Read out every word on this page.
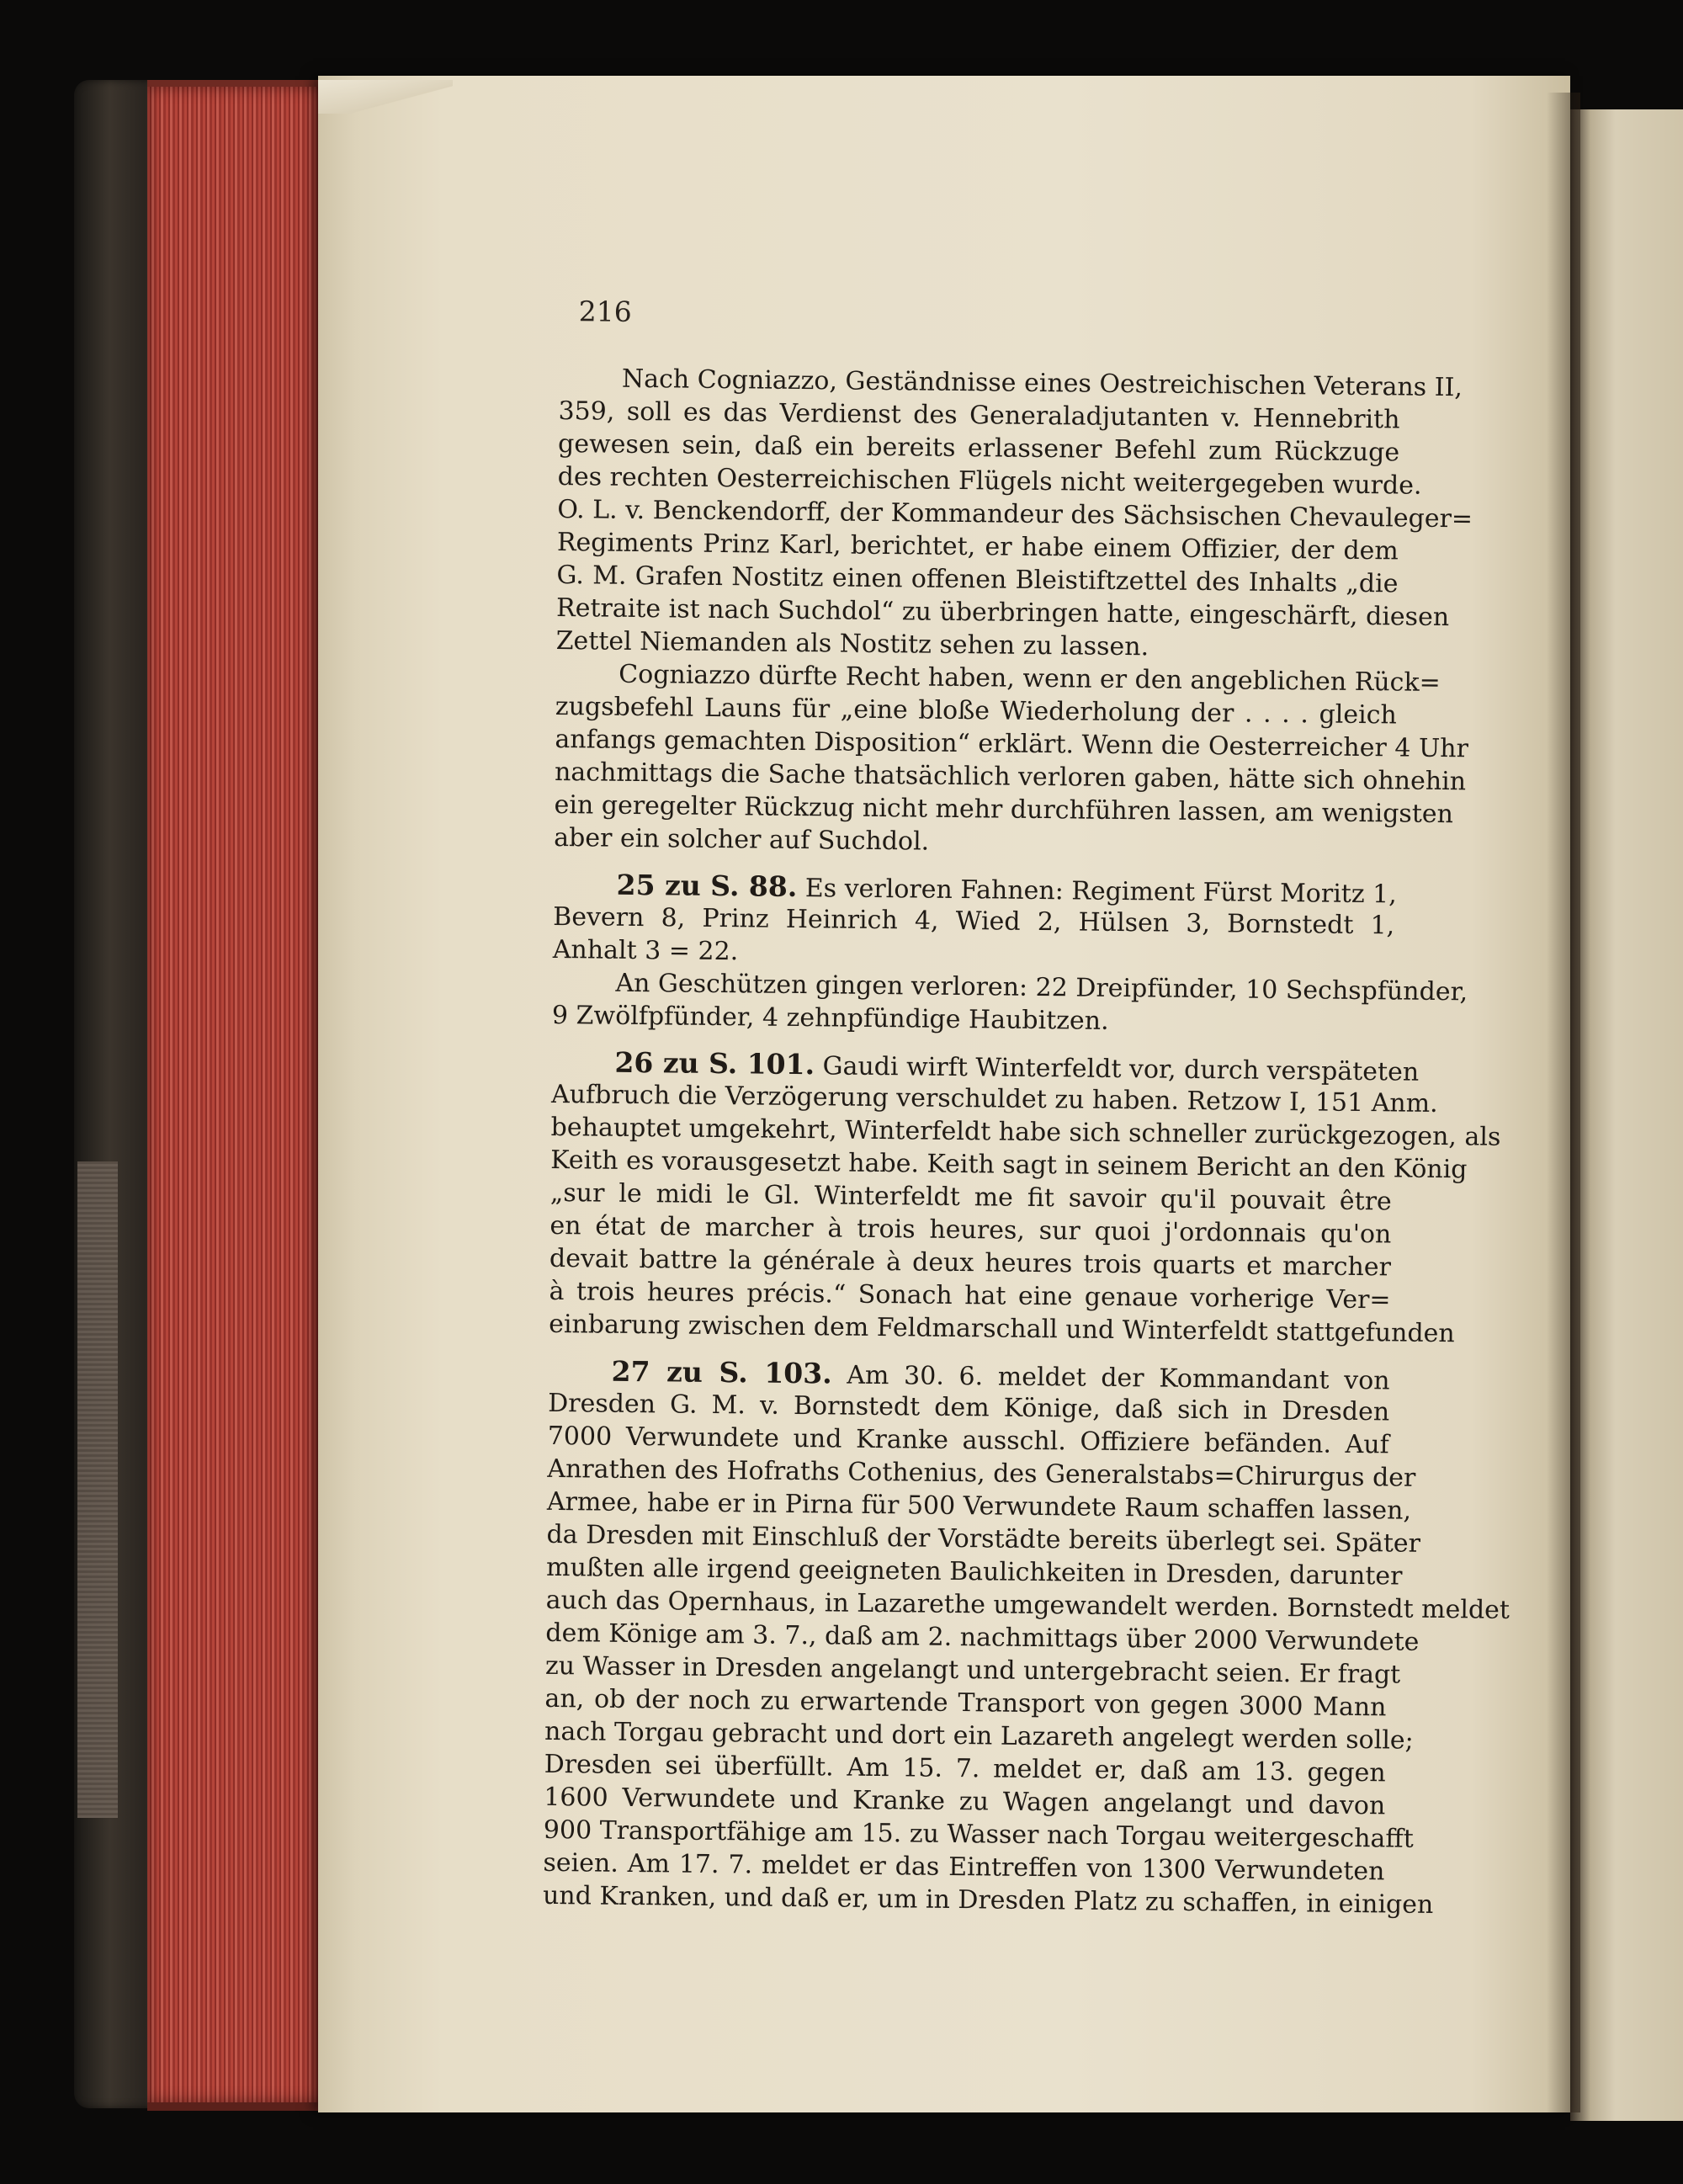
216
Nach Cogniazzo, Geständnisse eines Oestreichischen Veterans II,
359, soll es das Verdienst des Generaladjutanten v. Hennebrith
gewesen sein, daß ein bereits erlassener Befehl zum Rückzuge
des rechten Oesterreichischen Flügels nicht weitergegeben wurde.
O. L. v. Benckendorff, der Kommandeur des Sächsischen Chevauleger=
Regiments Prinz Karl, berichtet, er habe einem Offizier, der dem
G. M. Grafen Nostitz einen offenen Bleistiftzettel des Inhalts „die
Retraite ist nach Suchdol“ zu überbringen hatte, eingeschärft, diesen
Zettel Niemanden als Nostitz sehen zu lassen.
Cogniazzo dürfte Recht haben, wenn er den angeblichen Rück=
zugsbefehl Launs für „eine bloße Wiederholung der . . . . gleich
anfangs gemachten Disposition“ erklärt. Wenn die Oesterreicher 4 Uhr
nachmittags die Sache thatsächlich verloren gaben, hätte sich ohnehin
ein geregelter Rückzug nicht mehr durchführen lassen, am wenigsten
aber ein solcher auf Suchdol.
25 zu S. 88. Es verloren Fahnen: Regiment Fürst Moritz 1,
Bevern 8, Prinz Heinrich 4, Wied 2, Hülsen 3, Bornstedt 1,
Anhalt 3 = 22.
An Geschützen gingen verloren: 22 Dreipfünder, 10 Sechspfünder,
9 Zwölfpfünder, 4 zehnpfündige Haubitzen.
26 zu S. 101. Gaudi wirft Winterfeldt vor, durch verspäteten
Aufbruch die Verzögerung verschuldet zu haben. Retzow I, 151 Anm.
behauptet umgekehrt, Winterfeldt habe sich schneller zurückgezogen, als
Keith es vorausgesetzt habe. Keith sagt in seinem Bericht an den König
„sur le midi le Gl. Winterfeldt me fit savoir qu'il pouvait être
en état de marcher à trois heures, sur quoi j'ordonnais qu'on
devait battre la générale à deux heures trois quarts et marcher
à trois heures précis.“ Sonach hat eine genaue vorherige Ver=
einbarung zwischen dem Feldmarschall und Winterfeldt stattgefunden
27 zu S. 103. Am 30. 6. meldet der Kommandant von
Dresden G. M. v. Bornstedt dem Könige, daß sich in Dresden
7000 Verwundete und Kranke ausschl. Offiziere befänden. Auf
Anrathen des Hofraths Cothenius, des Generalstabs=Chirurgus der
Armee, habe er in Pirna für 500 Verwundete Raum schaffen lassen,
da Dresden mit Einschluß der Vorstädte bereits überlegt sei. Später
mußten alle irgend geeigneten Baulichkeiten in Dresden, darunter
auch das Opernhaus, in Lazarethe umgewandelt werden. Bornstedt meldet
dem Könige am 3. 7., daß am 2. nachmittags über 2000 Verwundete
zu Wasser in Dresden angelangt und untergebracht seien. Er fragt
an, ob der noch zu erwartende Transport von gegen 3000 Mann
nach Torgau gebracht und dort ein Lazareth angelegt werden solle;
Dresden sei überfüllt. Am 15. 7. meldet er, daß am 13. gegen
1600 Verwundete und Kranke zu Wagen angelangt und davon
900 Transportfähige am 15. zu Wasser nach Torgau weitergeschafft
seien. Am 17. 7. meldet er das Eintreffen von 1300 Verwundeten
und Kranken, und daß er, um in Dresden Platz zu schaffen, in einigen
